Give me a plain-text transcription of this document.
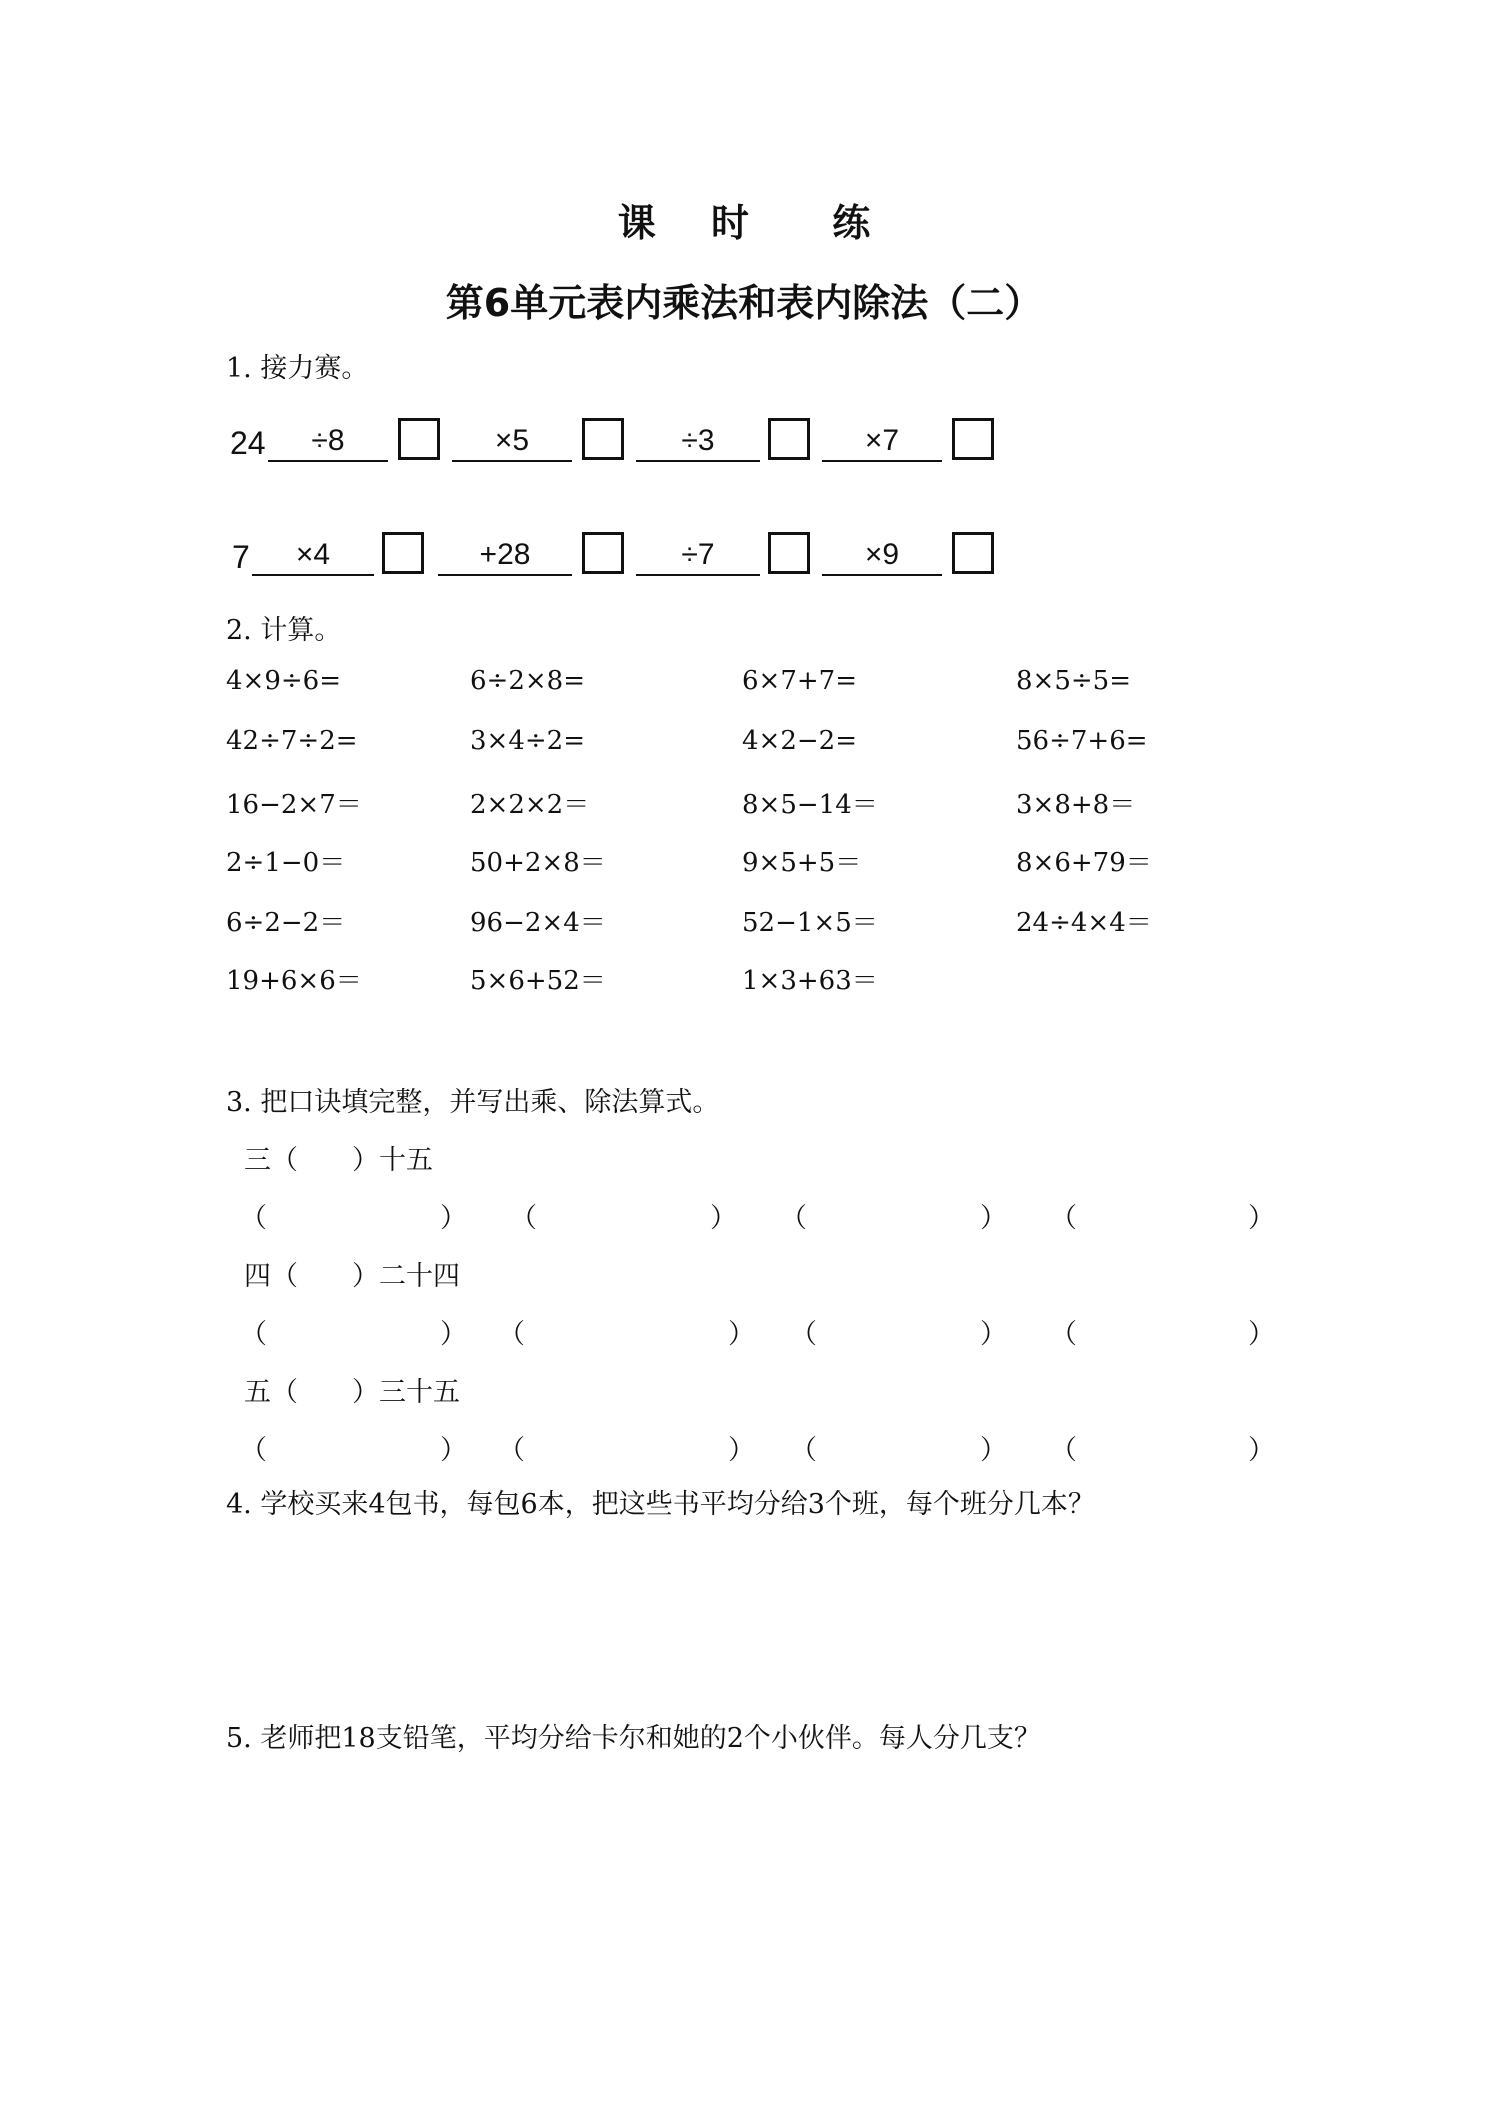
课 时 练
第6单元表内乘法和表内除法（二）
1. 接力赛。
24	÷8	×5	÷3	×7
7	×4	+28	÷7	×9
2. 计算。
4×9÷6=	6÷2×8=	6×7+7=	8×5÷5=
42÷7÷2=	3×4÷2=	4×2−2=	56÷7+6=
16−2×7＝	2×2×2＝	8×5−14＝	3×8+8＝
2÷1−0＝	50+2×8＝	9×5+5＝	8×6+79＝
6÷2−2＝	96−2×4＝	52−1×5＝	24÷4×4＝
19+6×6＝	5×6+52＝	1×3+63＝
3. 把口诀填完整，并写出乘、除法算式。
三（　　）十五
（	） （	） （	） （	）
四（　　）二十四
（	） （	） （	） （	）
五（　　）三十五
（	） （	） （	） （	）
4. 学校买来4包书，每包6本，把这些书平均分给3个班，每个班分几本？
5. 老师把18支铅笔，平均分给卡尔和她的2个小伙伴。每人分几支？
